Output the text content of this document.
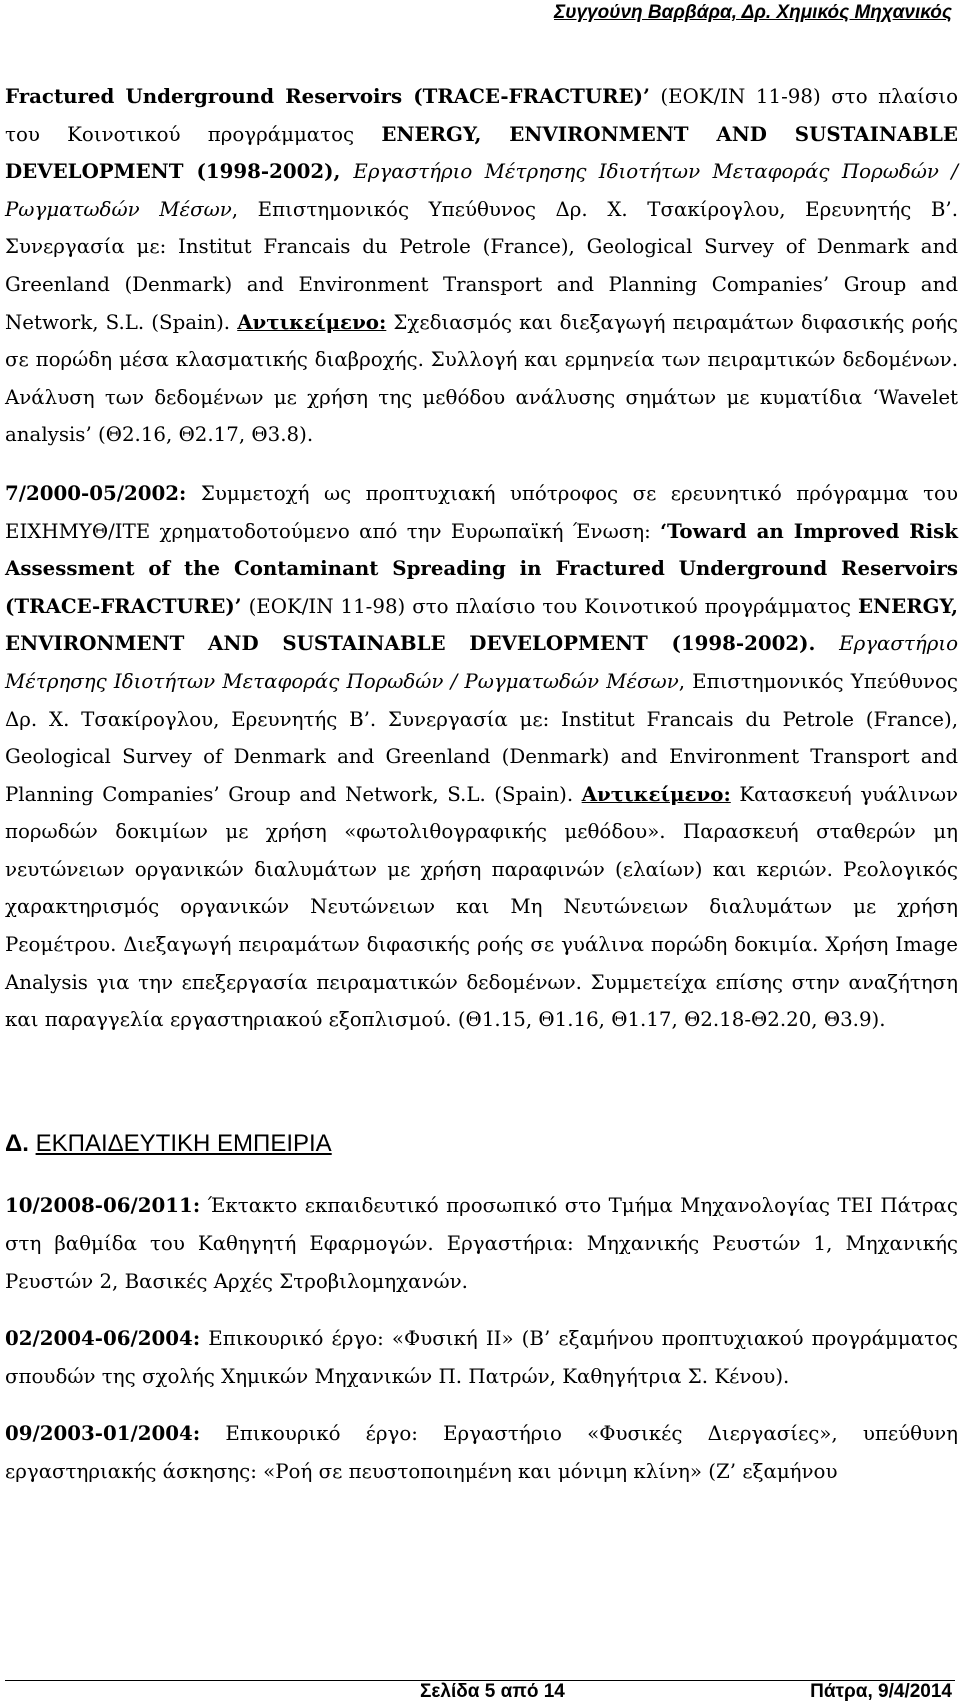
Συγγούνη Βαρβάρα, Δρ. Χημικός Μηχανικός

Fractured Underground Reservoirs (TRACE-FRACTURE)’ (ΕΟΚ/ΙΝ 11-98) στο πλαίσιο του Κοινοτικού προγράμματος ENERGY, ENVIRONMENT AND SUSTAINABLE DEVELOPMENT (1998-2002), Εργαστήριο Μέτρησης Ιδιοτήτων Μεταφοράς Πορωδών / Ρωγματωδών Μέσων, Επιστημονικός Υπεύθυνος Δρ. Χ. Τσακίρογλου, Ερευνητής Β’. Συνεργασία με: Institut Francais du Petrole (France), Geological Survey of Denmark and Greenland (Denmark) and Environment Transport and Planning Companies’ Group and Network, S.L. (Spain). Αντικείμενο: Σχεδιασμός και διεξαγωγή πειραμάτων διφασικής ροής σε πορώδη μέσα κλασματικής διαβροχής. Συλλογή και ερμηνεία των πειραμτικών δεδομένων. Ανάλυση των δεδομένων με χρήση της μεθόδου ανάλυσης σημάτων με κυματίδια ‘Wavelet analysis’ (Θ2.16, Θ2.17, Θ3.8).

7/2000-05/2002: Συμμετοχή ως προπτυχιακή υπότροφος σε ερευνητικό πρόγραμμα του ΕΙΧΗΜΥΘ/ΙΤΕ χρηματοδοτούμενο από την Ευρωπαϊκή Ένωση: ‘Toward an Improved Risk Assessment of the Contaminant Spreading in Fractured Underground Reservoirs (TRACE-FRACTURE)’ (ΕΟΚ/ΙΝ 11-98) στο πλαίσιο του Κοινοτικού προγράμματος ENERGY, ENVIRONMENT AND SUSTAINABLE DEVELOPMENT (1998-2002). Εργαστήριο Μέτρησης Ιδιοτήτων Μεταφοράς Πορωδών / Ρωγματωδών Μέσων, Επιστημονικός Υπεύθυνος Δρ. Χ. Τσακίρογλου, Ερευνητής Β’. Συνεργασία με: Institut Francais du Petrole (France), Geological Survey of Denmark and Greenland (Denmark) and Environment Transport and Planning Companies’ Group and Network, S.L. (Spain). Αντικείμενο: Κατασκευή γυάλινων πορωδών δοκιμίων με χρήση «φωτολιθογραφικής μεθόδου». Παρασκευή σταθερών μη νευτώνειων οργανικών διαλυμάτων με χρήση παραφινών (ελαίων) και κεριών. Ρεολογικός χαρακτηρισμός οργανικών Νευτώνειων και Μη Νευτώνειων διαλυμάτων με χρήση Ρεομέτρου. Διεξαγωγή πειραμάτων διφασικής ροής σε γυάλινα πορώδη δοκιμία. Χρήση Image Analysis για την επεξεργασία πειραματικών δεδομένων. Συμμετείχα επίσης στην αναζήτηση και παραγγελία εργαστηριακού εξοπλισμού. (Θ1.15, Θ1.16, Θ1.17, Θ2.18-Θ2.20, Θ3.9).

Δ. ΕΚΠΑΙΔΕΥΤΙΚΗ ΕΜΠΕΙΡΙΑ

10/2008-06/2011: Έκτακτο εκπαιδευτικό προσωπικό στο Τμήμα Μηχανολογίας ΤΕΙ Πάτρας στη βαθμίδα του Καθηγητή Εφαρμογών. Εργαστήρια: Μηχανικής Ρευστών 1, Μηχανικής Ρευστών 2, Βασικές Αρχές Στροβιλομηχανών.

02/2004-06/2004: Επικουρικό έργο: «Φυσική ΙΙ» (Β’ εξαμήνου προπτυχιακού προγράμματος σπουδών της σχολής Χημικών Μηχανικών Π. Πατρών, Καθηγήτρια Σ. Κένου).

09/2003-01/2004: Επικουρικό έργο: Εργαστήριο «Φυσικές Διεργασίες», υπεύθυνη εργαστηριακής άσκησης: «Ροή σε πευστοποιημένη και μόνιμη κλίνη» (Ζ’ εξαμήνου

Σελίδα 5 από 14	Πάτρα, 9/4/2014
